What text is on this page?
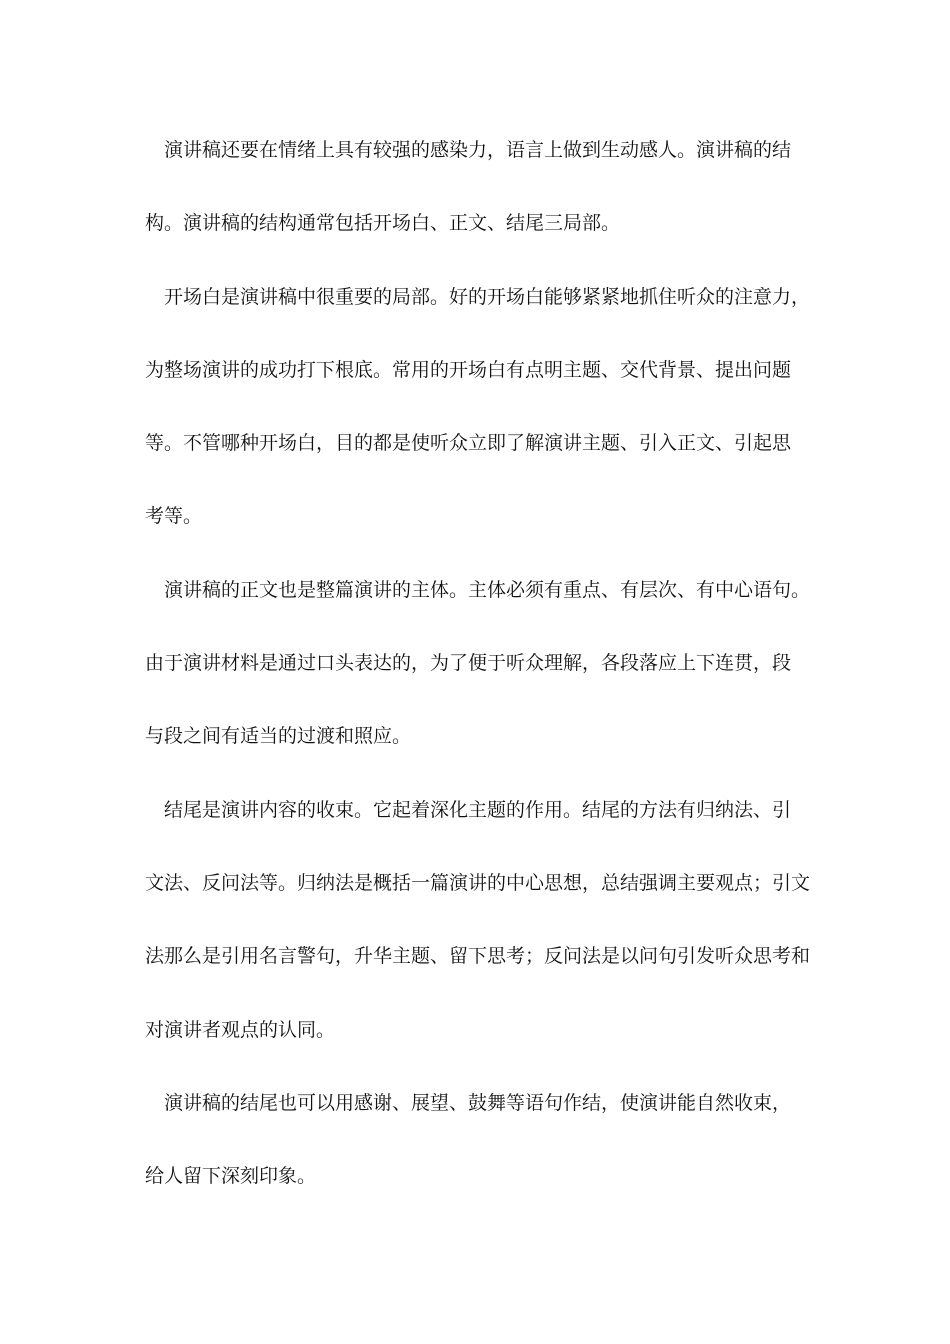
演讲稿还要在情绪上具有较强的感染力，语言上做到生动感人。演讲稿的结
构。演讲稿的结构通常包括开场白、正文、结尾三局部。
开场白是演讲稿中很重要的局部。好的开场白能够紧紧地抓住听众的注意力，
为整场演讲的成功打下根底。常用的开场白有点明主题、交代背景、提出问题
等。不管哪种开场白，目的都是使听众立即了解演讲主题、引入正文、引起思
考等。
演讲稿的正文也是整篇演讲的主体。主体必须有重点、有层次、有中心语句。
由于演讲材料是通过口头表达的，为了便于听众理解，各段落应上下连贯，段
与段之间有适当的过渡和照应。
结尾是演讲内容的收束。它起着深化主题的作用。结尾的方法有归纳法、引
文法、反问法等。归纳法是概括一篇演讲的中心思想，总结强调主要观点；引文
法那么是引用名言警句，升华主题、留下思考；反问法是以问句引发听众思考和
对演讲者观点的认同。
演讲稿的结尾也可以用感谢、展望、鼓舞等语句作结，使演讲能自然收束，
给人留下深刻印象。
